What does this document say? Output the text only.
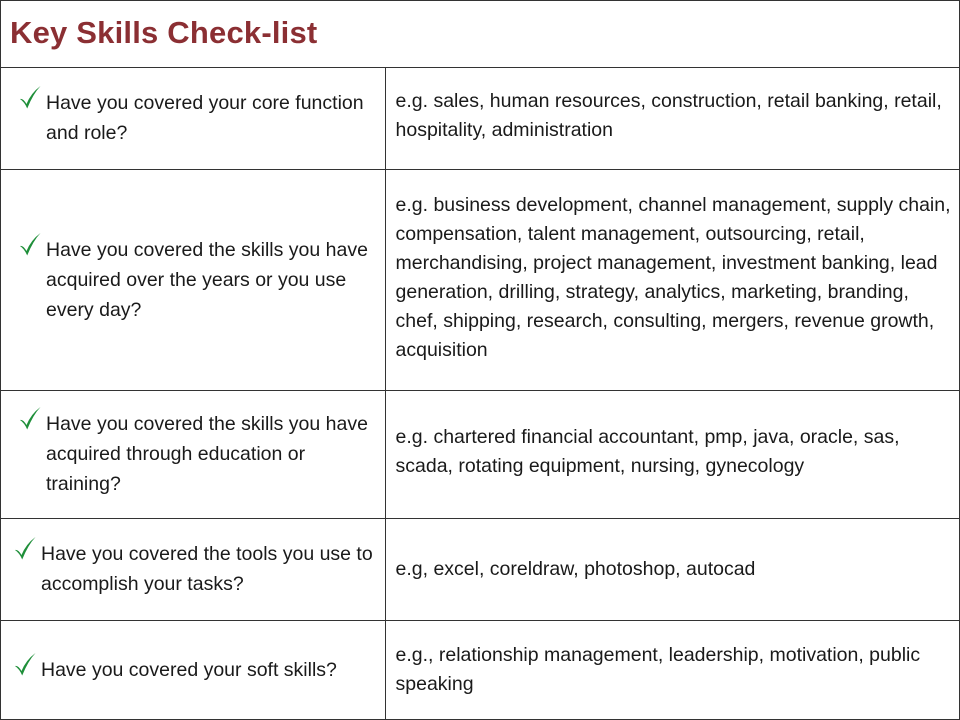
Key Skills Check-list
Have you covered your core function and role?	e.g. sales, human resources, construction, retail banking, retail, hospitality, administration

Have you covered the skills you have acquired over the years or you use every day?	e.g. business development, channel management, supply chain, compensation, talent management, outsourcing, retail, merchandising, project management, investment banking, lead generation, drilling, strategy, analytics, marketing, branding, chef, shipping, research, consulting, mergers, revenue growth, acquisition

Have you covered the skills you have acquired through education or training?	e.g. chartered financial accountant, pmp, java, oracle, sas, scada, rotating equipment, nursing, gynecology

Have you covered the tools you use to accomplish your tasks?	e.g, excel, coreldraw, photoshop, autocad

Have you covered your soft skills?	e.g., relationship management, leadership, motivation, public speaking
